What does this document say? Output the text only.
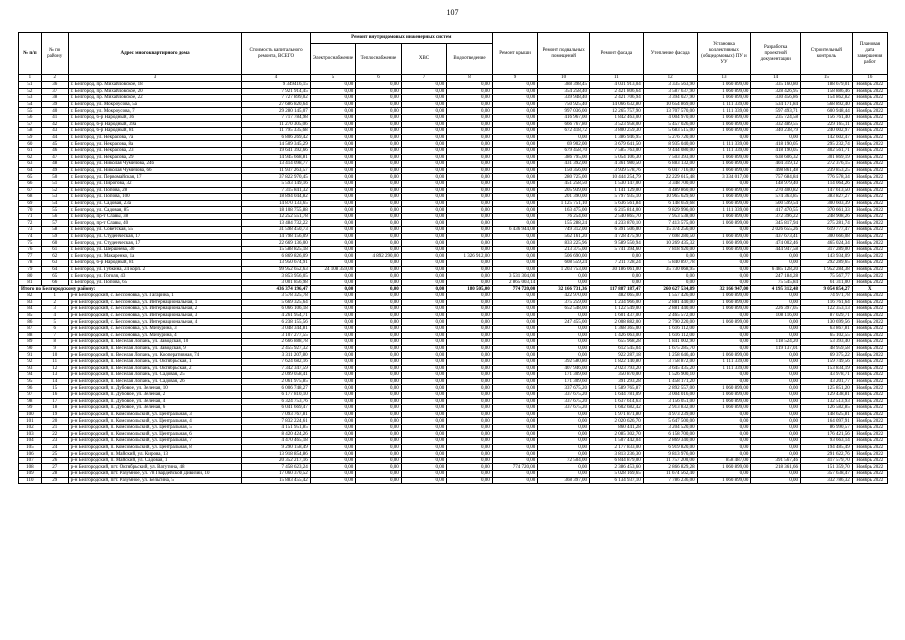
107
№ п/п	№ по району	Адрес многоквартирного дома	Стоимость капитального ремонта, ВСЕГО	Ремонт внутридомовых инженерных систем				Ремонт крыши	Ремонт подвальных помещений	Ремонт фасада	Утепление фасада	Установка коллективных (общедомовых) ПУ и УУ	Разработка проектной документации	Строительный контроль	Плановая дата завершения работ
				Электроснабжение	Теплоснабжение	ХВС	Водоотведение								
1	2	3	4	5	6	7	8	9	10	11	12	13	14	15	16
51	36	г. Белгород, пр. Михайловское, 18	9 349416,15	0,00	0,00	0,00	0,00	0,00	388 398,45	4 031 913,04	3 335 563,90	1 060 899,00	335 160,80	188 679,01	Ноябрь 2022
52	37	г. Белгород, пр. Михайловское, 20	7 921 914,45	0,00	0,00	0,00	0,00	0,00	354 258,40	2 421 806,64	3 587 637,90	1 060 899,00	328 426,95	158 886,46	Ноябрь 2022
53	38	г. Белгород, пр. Михайловское, 22	7 727 899,02	0,00	0,00	0,00	0,00	0,00	339 948,40	2 421 706,94	3 394 027,90	1 060 899,00	330 456,86	154 862,82	Ноябрь 2022
54	39	г. Белгород, ул. Мокроусова, 5а	27 686 820,64	0,00	0,00	0,00	0,00	0,00	750 925,40	14 066 632,80	10 654 869,00	1 111 339,00	534 171,84	568 892,40	Ноябрь 2022
55	40	г. Белгород, ул. Мокроусова, 7	29 280 145,07	0,00	0,00	0,00	0,00	0,00	997 036,00	12 265 757,90	13 707 570,00	1 111 339,00	597 493,71	600 948,44	Ноябрь 2022
56	41	г. Белгород, б-р Народный, 36	7 717 784,98	0,00	0,00	0,00	0,00	0,00	416 967,00	1 842 463,00	4 004 970,00	1 060 899,00	235 724,58	156 761,40	Ноябрь 2022
57	42	г. Белгород, б-р Народный, 39а	11 270 305,06	0,00	0,00	0,00	0,00	0,00	666 767,80	3 523 958,00	5 457 026,00	1 060 899,00	332 489,55	229 165,11	Ноябрь 2022
58	43	г. Белгород, б-р Народный, 81	11 795 335,68	0,00	0,00	0,00	0,00	0,00	672 418,72	3 800 259,30	5 683 515,00	1 060 899,00	340 238,79	240 002,97	Ноябрь 2022
59	44	г. Белгород, ул. Некрасова, 7а	6 806 269,42	0,00	0,00	0,00	0,00	0,00	0,00	1 386 946,95	5 276 720,00	0,00	0,00	142 602,47	Ноябрь 2022
60	45	г. Белгород, ул. Некрасова, 8а	14 509 345,29	0,00	0,00	0,00	0,00	0,00	69 902,00	3 679 641,50	8 935 040,00	1 111 339,00	418 190,05	295 232,74	Ноябрь 2022
61	46	г. Белгород, ул. Некрасова, 23	19 641 392,66	0,00	0,00	0,00	0,00	0,00	679 458,70	7 585 763,00	9 444 080,00	1 111 339,00	418 190,05	402 561,71	Ноябрь 2022
62	47	г. Белгород, ул. Некрасова, 29	14 945 668,81	0,00	0,00	0,00	0,00	0,00	386 795,00	5 054 106,30	7 503 393,00	1 060 899,00	638 606,32	301 869,19	Ноябрь 2022
63	48	г. Белгород, ул. Николая Чумичова, 24б	13 414 098,77	0,00	0,00	0,00	0,00	0,00	431 392,00	4 361 980,50	6 883 132,00	1 060 899,00	404 319,12	272 376,15	Ноябрь 2022
64	49	г. Белгород, ул. Николая Чумичова, 66	11 937 263,57	0,00	0,00	0,00	0,00	0,00	150 356,00	3 939 578,76	6 047 716,00	1 060 899,00	498 861,48	239 853,25	Ноябрь 2022
65	50	г. Белгород, ул. Первомайская, 17	37 822 970,45	0,00	0,00	0,00	0,00	0,00	280 725,00	10 444 254,79	22 229 615,48	3 334 017,00	757 684,84	776 578,34	Ноябрь 2022
66	51	г. Белгород, ул. Пирогова, 32	5 593 149,16	0,00	0,00	0,00	0,00	0,00	451 258,50	1 530 147,00	3 348 700,00	0,00	148 979,40	114 064,26	Ноябрь 2022
67	52	г. Белгород, ул. Попова, 28	7 315 841,32	0,00	0,00	0,00	0,00	0,00	205 939,00	1 141 129,00	4 489 860,00	1 060 899,00	270 400,82	147 613,50	Ноябрь 2022
68	53	г. Белгород, ул. Попова, 100	18 894 044,82	0,00	0,00	0,00	0,00	0,00	201 390,00	5 797 935,10	10 965 629,60	1 060 899,00	574 363,85	383 827,27	Ноябрь 2022
69	54	г. Белгород, ул. Садовая, 23а	14 870 133,65	0,00	0,00	0,00	0,00	0,00	1 125 751,10	5 636 561,84	6 148 659,68	1 060 899,00	500 599,54	300 603,39	Ноябрь 2022
70	55	г. Белгород, ул. Садовая, 85	18 108 755,88	0,00	0,00	0,00	0,00	0,00	163 475,00	6 215 814,00	9 829 996,00	1 111 339,00	417 470,55	370 661,33	Ноябрь 2022
71	56	г. Белгород, пр-т Славы, 38	12 252 551,78	0,00	0,00	0,00	0,00	0,00	76 254,60	2 540 865,70	7 953 538,00	1 060 899,00	372 396,22	248 908,26	Ноябрь 2022
72	57	г. Белгород, пр-т Славы, 40	13 484 732,22	0,00	0,00	0,00	0,00	0,00	155 288,24	4 233 870,10	7 413 575,00	1 060 899,00	345 817,94	275 281,74	Ноябрь 2022
73	58	г. Белгород, ул. Советская, 55	31 598 450,73	0,00	0,00	0,00	0,00	6 436 944,08	749 312,00	6 391 506,00	15 374 256,00	0,00	2 026 655,26	619 777,47	Ноябрь 2022
74	59	г. Белгород, ул. Студенческая, 17	14 798 156,09	0,00	0,00	0,00	0,00	0,00	562 161,20	4 728 475,90	7 698 280,50	1 060 899,00	437 673,41	300 666,08	Ноябрь 2022
75	60	г. Белгород, ул. Студенческая, 17	22 669 136,00	0,00	0,00	0,00	0,00	0,00	833 225,96	9 589 550,94	10 269 435,32	1 060 899,00	474 002,46	465 024,34	Ноябрь 2022
76	61	г. Белгород, ул. Шершнева, 30	15 588 825,18	0,00	0,00	0,00	0,00	0,00	213 375,00	5 741 394,60	7 818 920,00	1 060 899,00	444 947,58	317 289,00	Ноябрь 2022
77	62	г. Белгород, ул. Макаренко, 1а	6 869 826,09	0,00	4 892 290,00	0,00	1 326 912,00	0,00	506 690,00	0,00	0,00	0,00	0,00	143 934,09	Ноябрь 2022
78	63	г. Белгород, б-р Народный, 81	13 950 674,91	0,00	0,00	0,00	0,00	0,00	608 559,24	7 211 728,24	5 840 897,78	0,00	0,00	292 289,65	Ноябрь 2022
79	64	г. Белгород, ул. Губкина, 24 корп. 2	99 952 652,63	24 108 359,00	0,00	0,00	0,00	0,00	1 203 753,00	30 186 061,00	35 730 068,95	0,00	6 485 128,20	1 952 284,38	Ноябрь 2022
80	65	г. Белгород, ул. Гоголя, 43	3 853 956,05	0,00	0,00	0,00	0,00	3 531 304,00	0,00	0,00	0,00	0,00	247 184,28	75 567,77	Ноябрь 2022
81	66	г. Белгород, ул. Попова, 65	3 001 856,98	0,00	0,00	0,00	0,00	2 865 003,14	0,00	0,00	0,00	0,00	75 545,84	61 311,00	Ноябрь 2022
Итого по Белгородскому району:			436 374 196,47	0,00	0,00	0,00	180 505,00	774 720,00	32 166 731,36	117 887 187,47	260 627 534,89	32 166 947,00	4 195 312,48	9 054 854,27	Х
82	1	р-н Белгородский, с. Бессоновка, ул. Гагарина, 1	3 578 325,78	0,00	0,00	0,00	0,00	0,00	422 970,00	482 065,00	1 557 426,00	1 060 899,00	0,00	74 971,78	Ноябрь 2022
83	2	р-н Белгородский, с. Бессоновка, ул. Интернациональная, 1	5 669 325,64	0,00	0,00	0,00	0,00	0,00	375 259,00	1 234 966,00	2 881 440,00	1 060 899,00	0,00	116 761,64	Ноябрь 2022
84	3	р-н Белгородский, с. Бессоновка, ул. Интернациональная, 2	6 066 106,18	0,00	0,00	0,00	0,00	0,00	652 548,00	1 122 549,00	2 881 440,00	1 060 899,00	226 397,05	122 353,13	Ноябрь 2022
85	4	р-н Белгородский, с. Бессоновка, ул. Интернациональная, 3	4 261 954,71	0,00	0,00	0,00	0,00	0,00	0,00	1 601 437,00	2 465 572,00	0,00	108 116,00	87 029,71	Ноябрь 2022
86	5	р-н Белгородский, с. Бессоновка, ул. Интернациональная, 4	6 238 155,56	0,00	0,00	0,00	0,00	0,00	247 455,00	2 008 882,00	2 790 220,00	1 060 899,00	0,00	130 699,56	Ноябрь 2022
87	6	р-н Белгородский, с. Бессоновка, ул. Мичурина, 3	3 048 344,81	0,00	0,00	0,00	0,00	0,00	0,00	1 368 365,00	1 616 112,00	0,00	0,00	63 867,81	Ноябрь 2022
88	7	р-н Белгородский, с. Бессоновка, ул. Мичурина, 4	3 107 277,55	0,00	0,00	0,00	0,00	0,00	0,00	1 426 063,00	1 616 112,00	0,00	0,00	65 102,55	Ноябрь 2022
89	8	р-н Белгородский, п. Веселая Лопань, ул. Заводская, 10	2 666 888,78	0,00	0,00	0,00	0,00	0,00	0,00	655 968,28	1 841 002,90	0,00	118 524,20	53 393,40	Ноябрь 2022
90	9	р-н Белгородский, п. Веселая Лопань, ул. Заводская, 9	2 455 927,32	0,00	0,00	0,00	0,00	0,00	0,00	612 545,04	1 675 285,70	0,00	119 137,01	48 959,58	Ноябрь 2022
91	10	р-н Белгородский, п. Веселая Лопань, ул. Кооперативная, 74	3 311 207,80	0,00	0,00	0,00	0,00	0,00	0,00	922 287,18	1 258 646,40	1 060 899,00	0,00	69 375,22	Ноябрь 2022
92	11	р-н Белгородский, п. Веселая Лопань, ул. Октябрьская, 1	7 624 682,16	0,00	0,00	0,00	0,00	0,00	392 580,80	1 822 140,80	3 758 872,00	1 111 339,00	0,00	159 749,56	Ноябрь 2022
93	12	р-н Белгородский, п. Веселая Лопань, ул. Октябрьская, 2	7 342 347,59	0,00	0,00	0,00	0,00	0,00	407 946,00	2 023 793,20	3 645 435,20	1 111 339,00	0,00	153 834,19	Ноябрь 2022
94	13	р-н Белгородский, п. Веселая Лопань, ул. Садовая, 25	2 099 058,41	0,00	0,00	0,00	0,00	0,00	171 309,60	350 870,00	1 526 900,10	0,00	0,00	43 978,71	Ноябрь 2022
95	14	р-н Белгородский, п. Веселая Лопань, ул. Садовая, 26	2 061 975,85	0,00	0,00	0,00	0,00	0,00	171 309,60	391 293,28	1 458 171,20	0,00	0,00	43 201,77	Ноябрь 2022
96	15	р-н Белгородский, п. Дубовое, ул. Зеленая, 10	6 006 748,27	0,00	0,00	0,00	0,00	0,00	337 675,20	1 589 765,87	2 892 557,00	1 060 899,00	0,00	125 851,20	Ноябрь 2022
97	16	р-н Белгородский, п. Дубовое, ул. Зеленая, 2	6 177 810,10	0,00	0,00	0,00	0,00	0,00	337 675,20	1 644 781,09	3 004 016,00	1 060 899,00	0,00	129 438,81	Ноябрь 2022
98	17	р-н Белгородский, п. Дубовое, ул. Зеленая, 4	6 324 753,76	0,00	0,00	0,00	0,00	0,00	337 675,20	1 637 614,63	3 156 051,00	1 060 899,00	0,00	132 513,93	Ноябрь 2022
99	18	р-н Белгородский, п. Дубовое, ул. Зеленая, 6	6 041 669,47	0,00	0,00	0,00	0,00	0,00	337 675,20	1 602 682,42	2 913 832,00	1 060 899,00	0,00	126 582,85	Ноябрь 2022
100	19	р-н Белгородский, п. Комсомольский, ул. Центральная, 3	7 093 767,81	0,00	0,00	0,00	0,00	0,00	0,00	1 971 871,80	4 973 239,00	0,00	0,00	148 625,81	Ноябрь 2022
101	20	р-н Белгородский, п. Комсомольский, ул. Центральная, 4	7 832 224,61	0,00	0,00	0,00	0,00	0,00	0,00	2 020 626,70	5 647 500,00	0,00	0,00	164 097,91	Ноябрь 2022
102	21	р-н Белгородский, п. Комсомольский, ул. Центральная, 5	4 151 951,85	0,00	0,00	0,00	0,00	0,00	0,00	860 441,28	3 204 520,00	0,00	0,00	86 990,57	Ноябрь 2022
103	22	р-н Белгородский, п. Комсомольский, ул. Центральная, 6	8 420 424,26	0,00	0,00	0,00	0,00	0,00	0,00	2 085 302,70	6 158 700,00	0,00	0,00	176 421,56	Ноябрь 2022
104	23	р-н Белгородский, п. Комсомольский, ул. Центральная, 7	4 470 465,18	0,00	0,00	0,00	0,00	0,00	0,00	1 507 442,04	2 869 340,00	0,00	0,00	93 663,14	Ноябрь 2022
105	24	р-н Белгородский, п. Комсомольский, ул. Центральная, 8	9 290 158,49	0,00	0,00	0,00	0,00	0,00	0,00	2 177 833,00	6 919 820,00	0,00	0,00	194 485,49	Ноябрь 2022
106	25	р-н Белгородский, п. Майский, ул. Кирова, 13	13 918 854,86	0,00	0,00	0,00	0,00	0,00	0,00	3 813 236,30	9 813 976,00	0,00	0,00	291 622,76	Ноябрь 2022
107	26	р-н Белгородский, п. Майский, ул. Садовая, 1	20 352 217,16	0,00	0,00	0,00	0,00	0,00	72 504,00	6 844 879,00	11 757 200,00	858 487,00	391 567,46	417 579,70	Ноябрь 2022
108	27	р-н Белгородский, пгт. Октябрьский, ул. Ватутина, 48	7 458 623,24	0,00	0,00	0,00	0,00	774 720,00	0,00	2 386 453,60	2 866 829,28	1 060 899,00	218 361,66	151 359,70	Ноябрь 2022
109	28	р-н Белгородский, пгт. Разумное, ул. 78 Гвардейской Дивизии, 10	17 060 370,52	0,00	0,00	0,00	0,00	0,00	0,00	5 028 169,65	11 674 562,40	0,00	0,00	357 638,47	Ноябрь 2022
110	29	р-н Белгородский, пгт. Разумное, ул. Бельгина, 5	15 883 455,42	0,00	0,00	0,00	0,00	0,00	368 397,00	6 134 937,10	7 786 236,00	1 060 899,00	0,00	332 786,32	Ноябрь 2022
